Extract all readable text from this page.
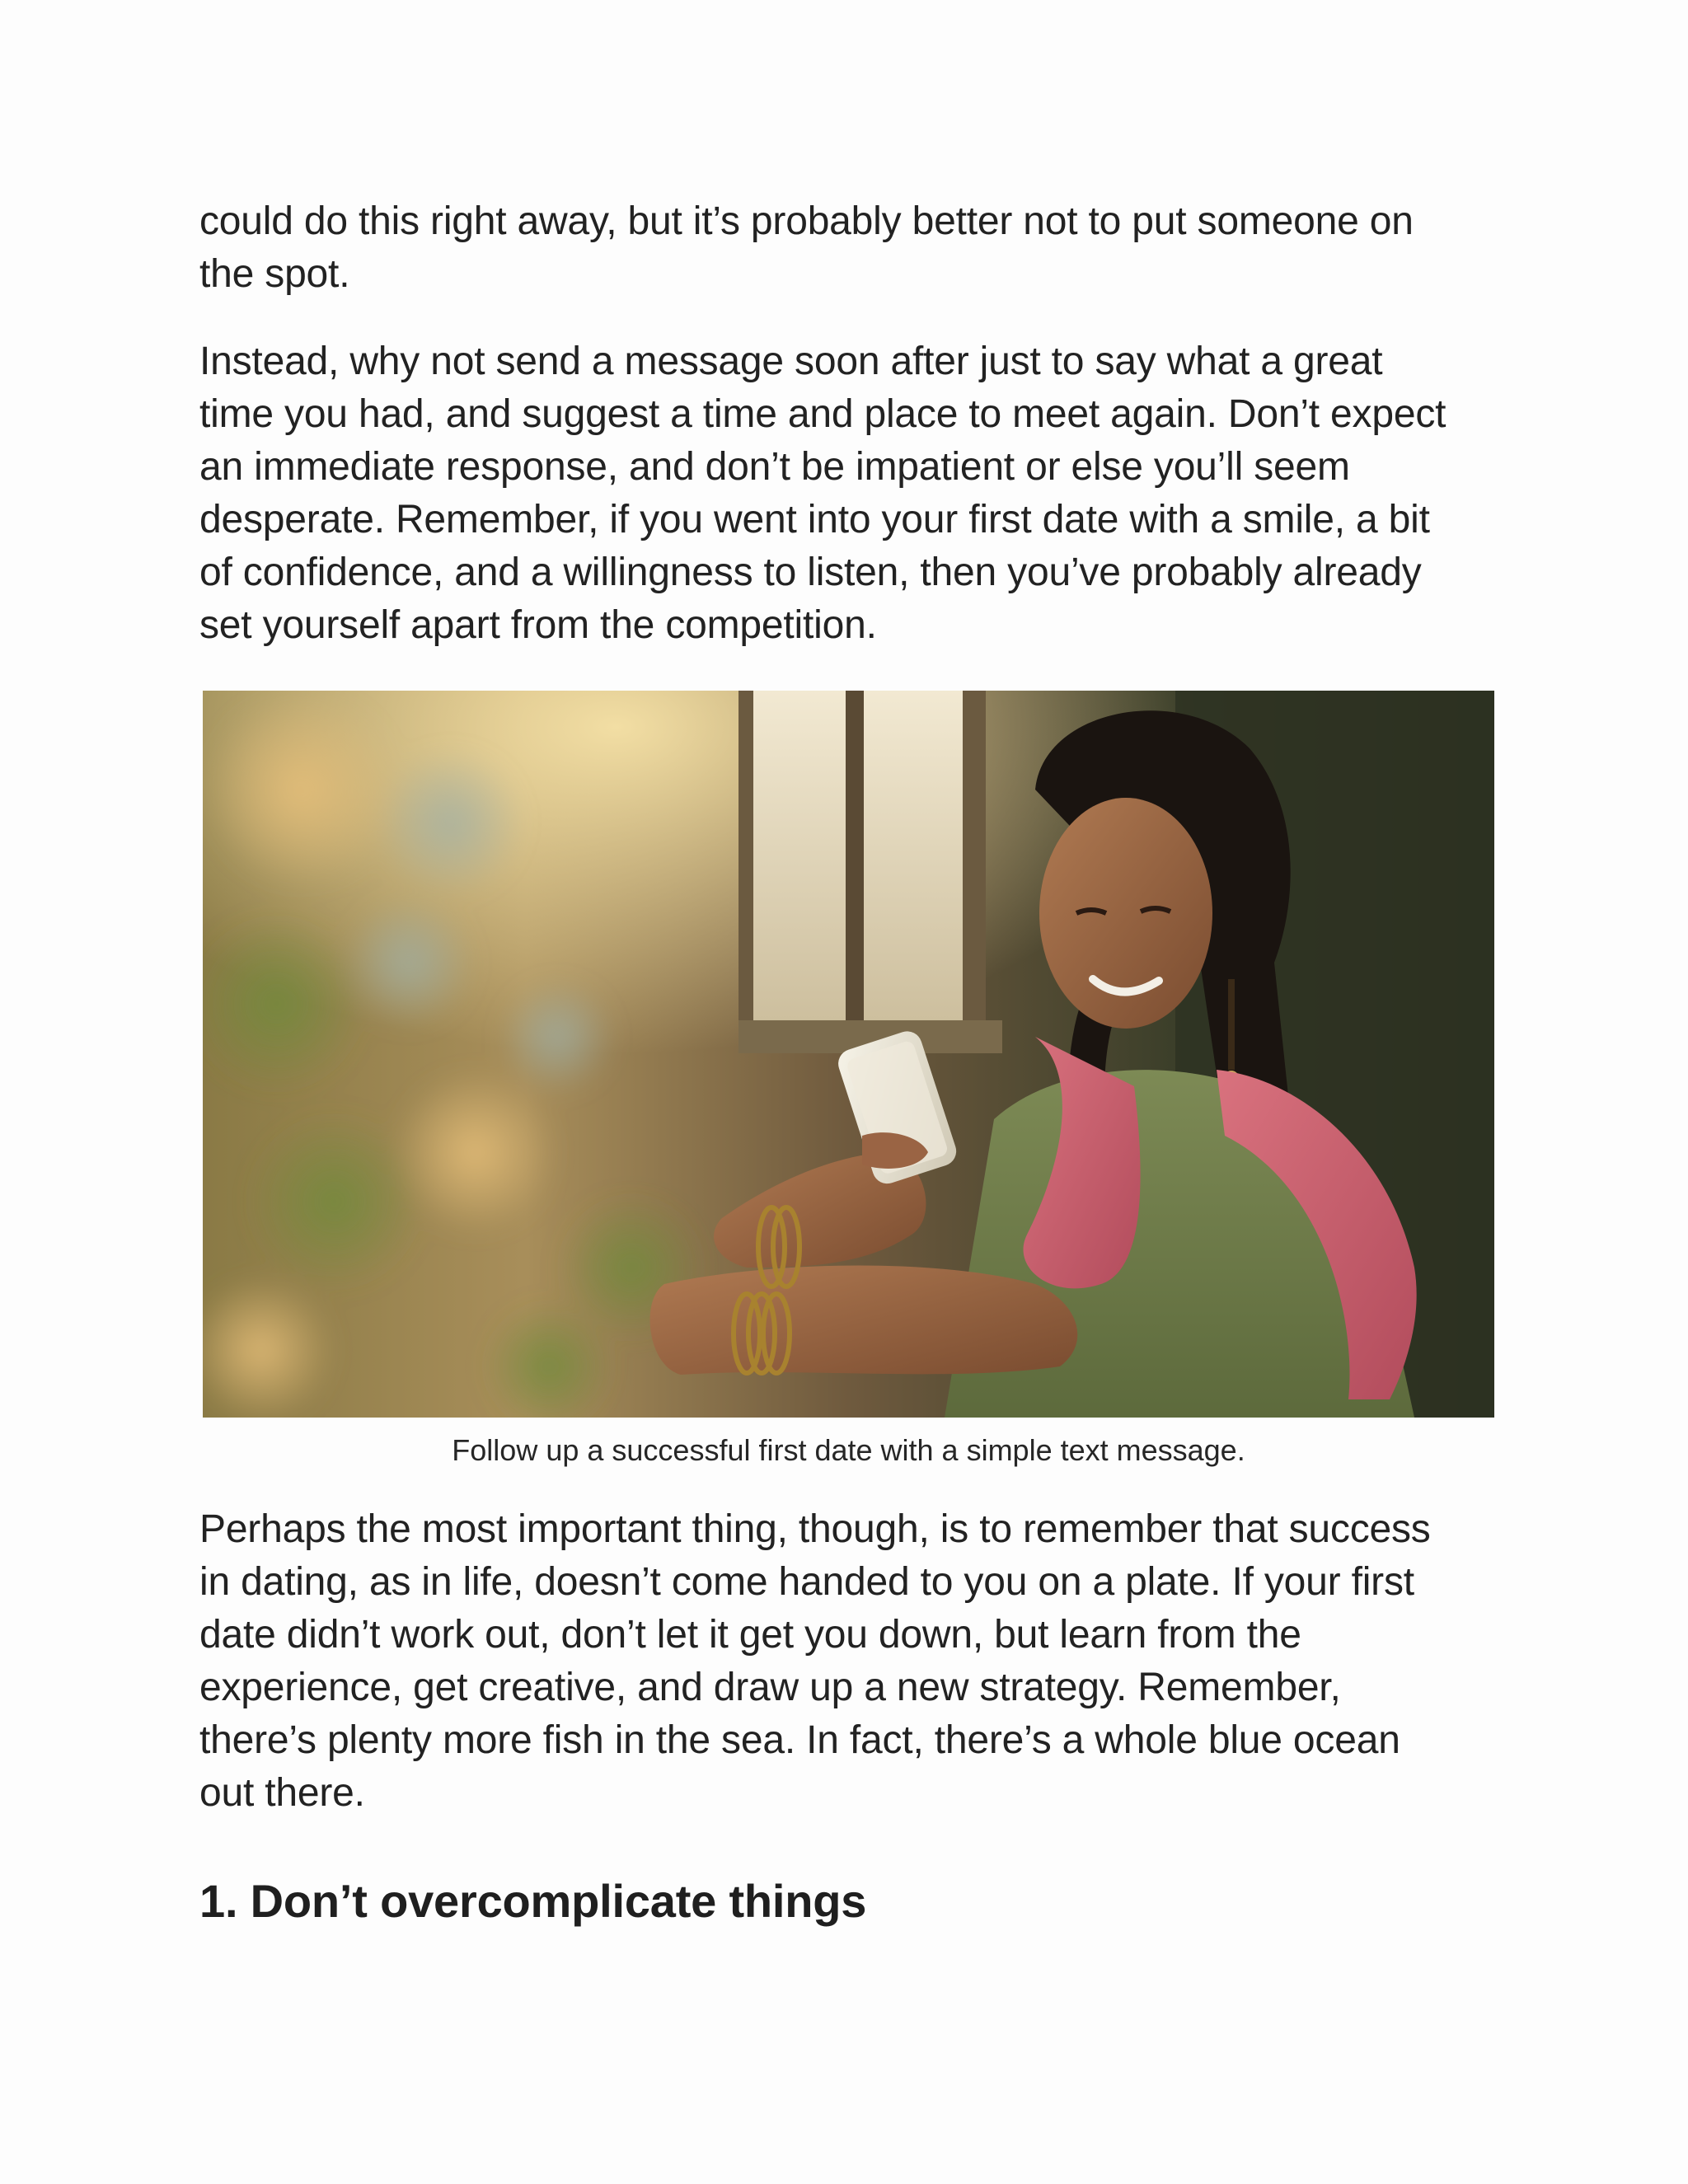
could do this right away, but it’s probably better not to put someone on
the spot.

Instead, why not send a message soon after just to say what a great
time you had, and suggest a time and place to meet again. Don’t expect
an immediate response, and don’t be impatient or else you’ll seem
desperate. Remember, if you went into your first date with a smile, a bit
of confidence, and a willingness to listen, then you’ve probably already
set yourself apart from the competition.

Follow up a successful first date with a simple text message.

Perhaps the most important thing, though, is to remember that success
in dating, as in life, doesn’t come handed to you on a plate. If your first
date didn’t work out, don’t let it get you down, but learn from the
experience, get creative, and draw up a new strategy. Remember,
there’s plenty more fish in the sea. In fact, there’s a whole blue ocean
out there.

1. Don’t overcomplicate things
